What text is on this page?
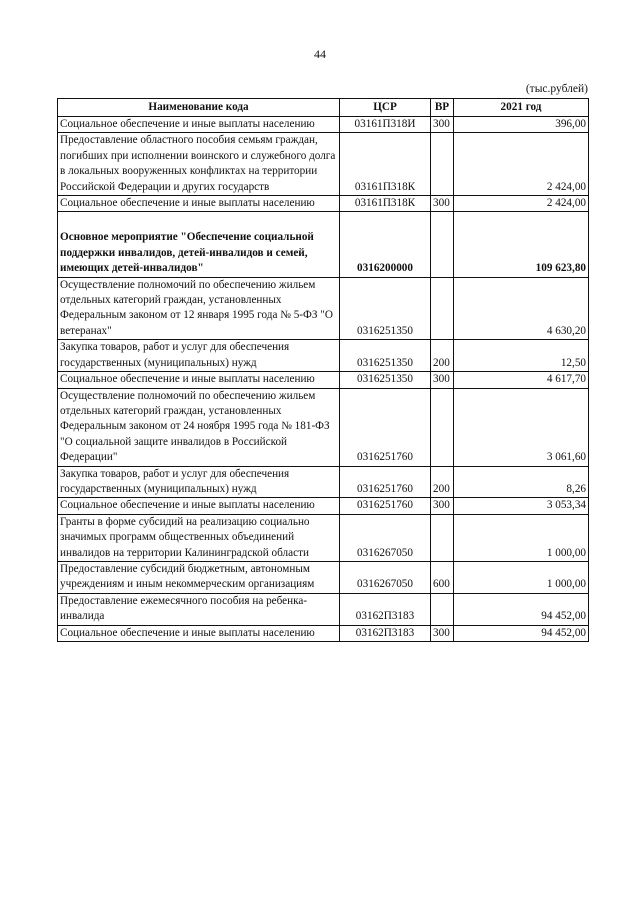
44
(тыс.рублей)
Наименование кода	ЦСР	ВР	2021 год
Социальное обеспечение и иные выплаты населению	03161П318И	300	396,00
Предоставление областного пособия семьям граждан, погибших при исполнении воинского и служебного долга в локальных вооруженных конфликтах на территории Российской Федерации и других государств	03161П318К		2 424,00
Социальное обеспечение и иные выплаты населению	03161П318К	300	2 424,00
Основное мероприятие "Обеспечение социальной поддержки инвалидов, детей-инвалидов и семей, имеющих детей-инвалидов"	0316200000		109 623,80
Осуществление полномочий по обеспечению жильем отдельных категорий граждан, установленных Федеральным законом от 12 января 1995 года № 5-ФЗ "О ветеранах"	0316251350		4 630,20
Закупка товаров, работ и услуг для обеспечения государственных (муниципальных) нужд	0316251350	200	12,50
Социальное обеспечение и иные выплаты населению	0316251350	300	4 617,70
Осуществление полномочий по обеспечению жильем отдельных категорий граждан, установленных Федеральным законом от 24 ноября 1995 года № 181-ФЗ "О социальной защите инвалидов в Российской Федерации"	0316251760		3 061,60
Закупка товаров, работ и услуг для обеспечения государственных (муниципальных) нужд	0316251760	200	8,26
Социальное обеспечение и иные выплаты населению	0316251760	300	3 053,34
Гранты в форме субсидий на реализацию социально значимых программ общественных объединений инвалидов на территории Калининградской области	0316267050		1 000,00
Предоставление субсидий бюджетным, автономным учреждениям и иным некоммерческим организациям	0316267050	600	1 000,00
Предоставление ежемесячного пособия на ребенка-инвалида	03162П3183		94 452,00
Социальное обеспечение и иные выплаты населению	03162П3183	300	94 452,00
